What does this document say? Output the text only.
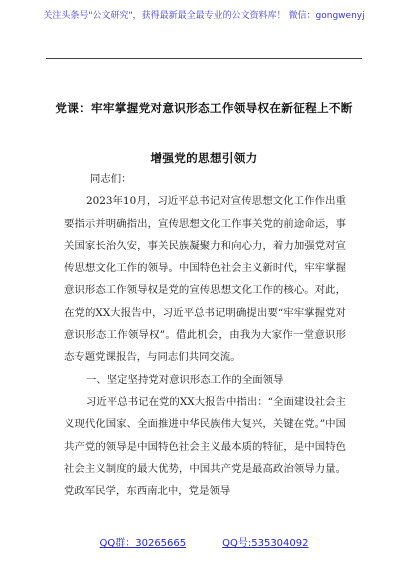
关注头条号"公文研究"，获得最新最全最专业的公文资料库！ 微信：gongwenyj
党课：牢牢掌握党对意识形态工作领导权在新征程上不断
增强党的思想引领力

同志们：

2023年10月，习近平总书记对宣传思想文化工作作出重要指示并明确指出，宣传思想文化工作事关党的前途命运，事关国家长治久安，事关民族凝聚力和向心力，着力加强党对宣传思想文化工作的领导。中国特色社会主义新时代，牢牢掌握意识形态工作领导权是党的宣传思想文化工作的核心。对此，在党的XX大报告中，习近平总书记明确提出要“牢牢掌握党对意识形态工作领导权”。借此机会，由我为大家作一堂意识形态专题党课报告，与同志们共同交流。

一、坚定坚持党对意识形态工作的全面领导

习近平总书记在党的XX大报告中指出：“全面建设社会主义现代化国家、全面推进中华民族伟大复兴，关键在党。”中国共产党的领导是中国特色社会主义最本质的特征，是中国特色社会主义制度的最大优势，中国共产党是最高政治领导力量。党政军民学，东西南北中，党是领导

QQ群：30265665	QQ号:535304092
